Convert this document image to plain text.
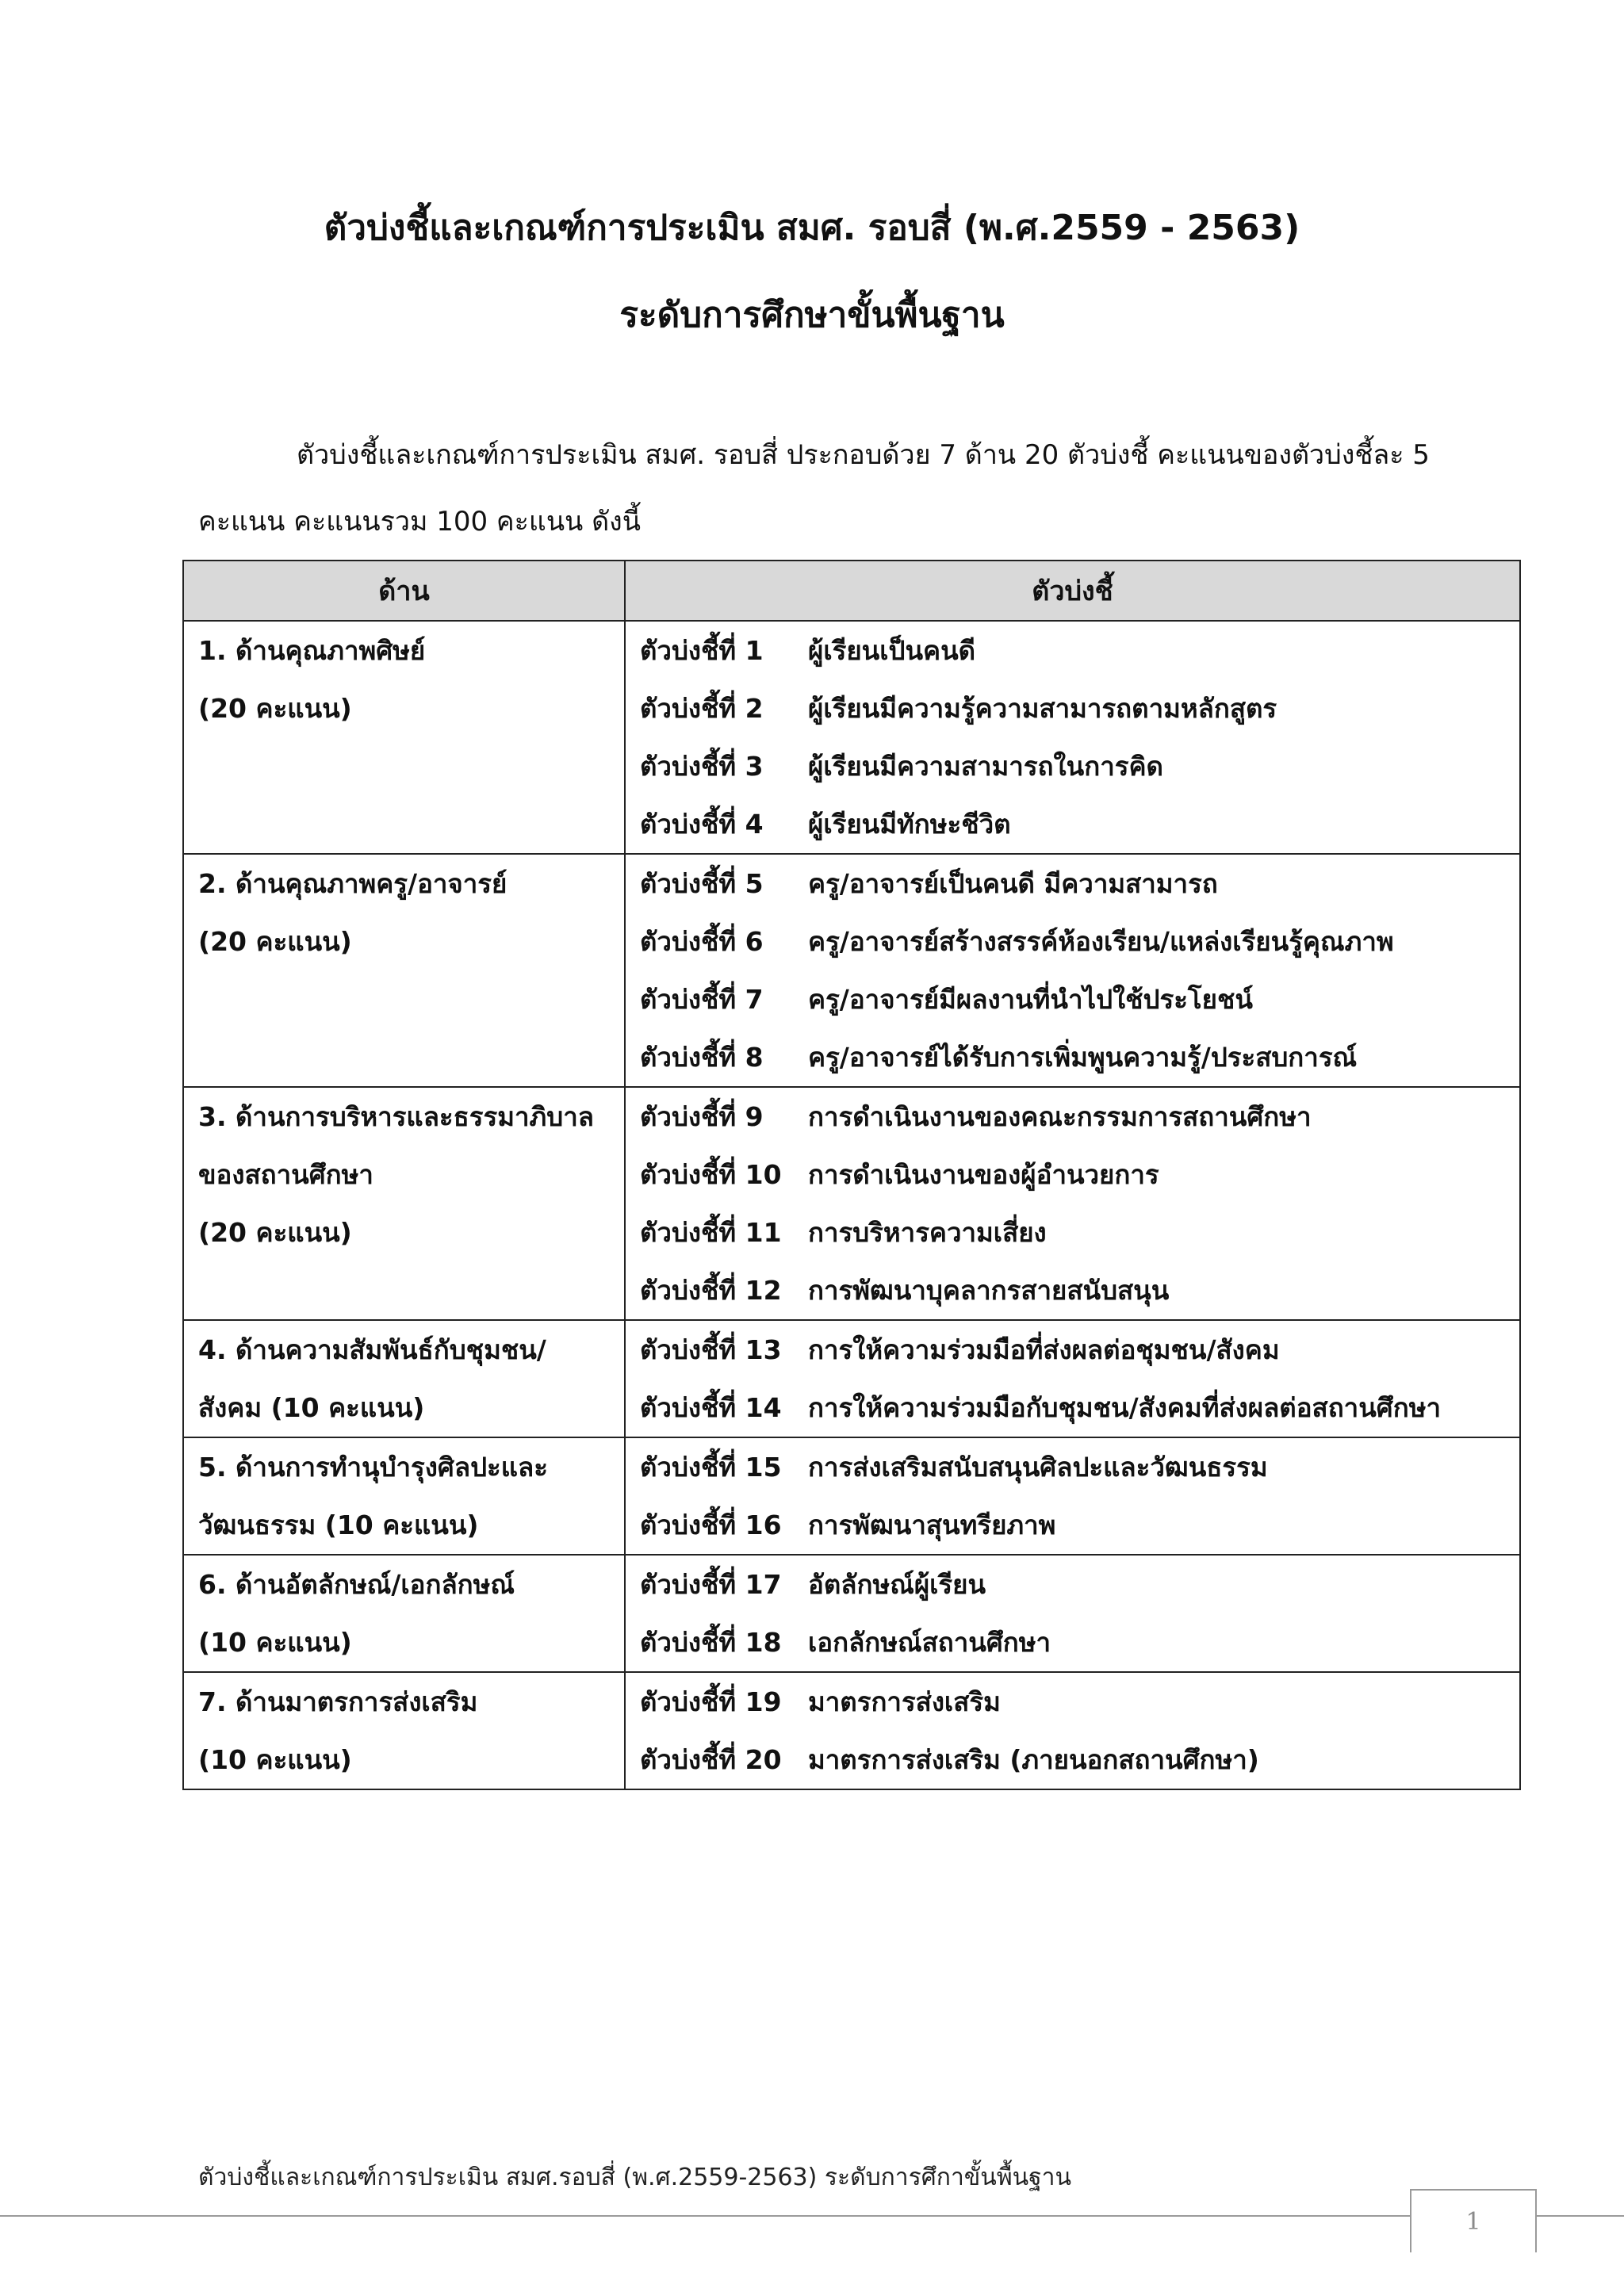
ตัวบ่งชี้และเกณฑ์การประเมิน สมศ. รอบสี่ (พ.ศ.2559 - 2563)
ระดับการศึกษาขั้นพื้นฐาน

ตัวบ่งชี้และเกณฑ์การประเมิน สมศ. รอบสี่ ประกอบด้วย 7 ด้าน 20 ตัวบ่งชี้ คะแนนของตัวบ่งชี้ละ 5

คะแนน คะแนนรวม 100 คะแนน ดังนี้

ด้าน	ตัวบ่งชี้

1. ด้านคุณภาพศิษย์
(20 คะแนน)	ตัวบ่งชี้ที่ 1 ผู้เรียนเป็นคนดี
ตัวบ่งชี้ที่ 2 ผู้เรียนมีความรู้ความสามารถตามหลักสูตร
ตัวบ่งชี้ที่ 3 ผู้เรียนมีความสามารถในการคิด
ตัวบ่งชี้ที่ 4 ผู้เรียนมีทักษะชีวิต

2. ด้านคุณภาพครู/อาจารย์
(20 คะแนน)	ตัวบ่งชี้ที่ 5 ครู/อาจารย์เป็นคนดี มีความสามารถ
ตัวบ่งชี้ที่ 6 ครู/อาจารย์สร้างสรรค์ห้องเรียน/แหล่งเรียนรู้คุณภาพ
ตัวบ่งชี้ที่ 7 ครู/อาจารย์มีผลงานที่นำไปใช้ประโยชน์
ตัวบ่งชี้ที่ 8 ครู/อาจารย์ได้รับการเพิ่มพูนความรู้/ประสบการณ์

3. ด้านการบริหารและธรรมาภิบาล
ของสถานศึกษา
(20 คะแนน)	ตัวบ่งชี้ที่ 9 การดำเนินงานของคณะกรรมการสถานศึกษา
ตัวบ่งชี้ที่ 10 การดำเนินงานของผู้อำนวยการ
ตัวบ่งชี้ที่ 11 การบริหารความเสี่ยง
ตัวบ่งชี้ที่ 12 การพัฒนาบุคลากรสายสนับสนุน

4. ด้านความสัมพันธ์กับชุมชน/
สังคม (10 คะแนน)	ตัวบ่งชี้ที่ 13 การให้ความร่วมมือที่ส่งผลต่อชุมชน/สังคม
ตัวบ่งชี้ที่ 14 การให้ความร่วมมือกับชุมชน/สังคมที่ส่งผลต่อสถานศึกษา

5. ด้านการทำนุบำรุงศิลปะและ
วัฒนธรรม (10 คะแนน)	ตัวบ่งชี้ที่ 15 การส่งเสริมสนับสนุนศิลปะและวัฒนธรรม
ตัวบ่งชี้ที่ 16 การพัฒนาสุนทรียภาพ

6. ด้านอัตลักษณ์/เอกลักษณ์
(10 คะแนน)	ตัวบ่งชี้ที่ 17 อัตลักษณ์ผู้เรียน
ตัวบ่งชี้ที่ 18 เอกลักษณ์สถานศึกษา

7. ด้านมาตรการส่งเสริม
(10 คะแนน)	ตัวบ่งชี้ที่ 19 มาตรการส่งเสริม
ตัวบ่งชี้ที่ 20 มาตรการส่งเสริม (ภายนอกสถานศึกษา)
ตัวบ่งชี้และเกณฑ์การประเมิน สมศ.รอบสี่ (พ.ศ.2559-2563) ระดับการศึกาขั้นพื้นฐาน
1
